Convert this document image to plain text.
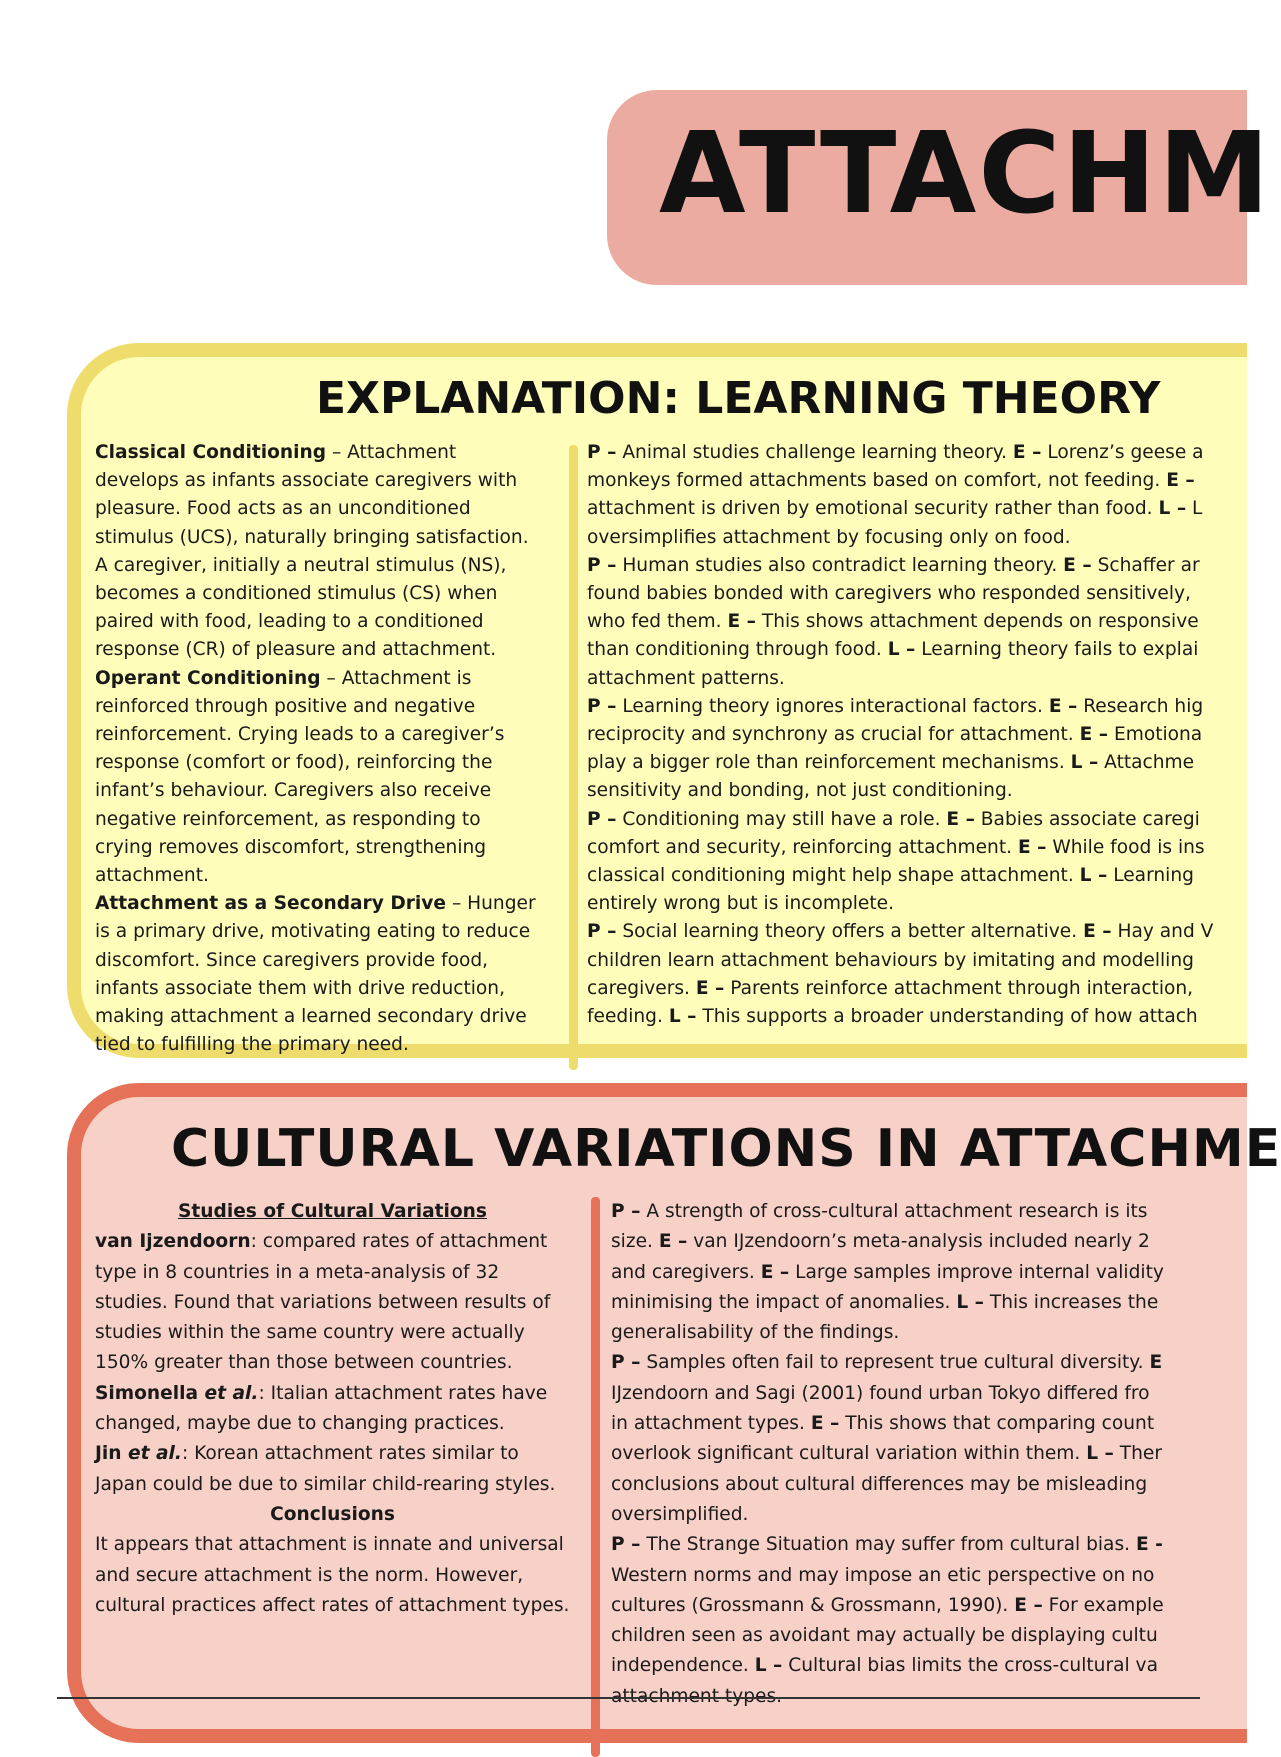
ATTACHM
EXPLANATION: LEARNING THEORY

Classical Conditioning – Attachment develops as infants associate caregivers with pleasure. Food acts as an unconditioned stimulus (UCS), naturally bringing satisfaction. A caregiver, initially a neutral stimulus (NS), becomes a conditioned stimulus (CS) when paired with food, leading to a conditioned response (CR) of pleasure and attachment.

Operant Conditioning – Attachment is reinforced through positive and negative reinforcement. Crying leads to a caregiver’s response (comfort or food), reinforcing the infant’s behaviour. Caregivers also receive negative reinforcement, as responding to crying removes discomfort, strengthening attachment.

Attachment as a Secondary Drive – Hunger is a primary drive, motivating eating to reduce discomfort. Since caregivers provide food, infants associate them with drive reduction, making attachment a learned secondary drive tied to fulfilling the primary need.

P – Animal studies challenge learning theory. E – Lorenz’s geese a

monkeys formed attachments based on comfort, not feeding. E –

attachment is driven by emotional security rather than food. L – L

oversimplifies attachment by focusing only on food.

P – Human studies also contradict learning theory. E – Schaffer ar

found babies bonded with caregivers who responded sensitively,

who fed them. E – This shows attachment depends on responsive

than conditioning through food. L – Learning theory fails to explai

attachment patterns.

P – Learning theory ignores interactional factors. E – Research hig

reciprocity and synchrony as crucial for attachment. E – Emotiona

play a bigger role than reinforcement mechanisms. L – Attachme

sensitivity and bonding, not just conditioning.

P – Conditioning may still have a role. E – Babies associate caregi

comfort and security, reinforcing attachment. E – While food is ins

classical conditioning might help shape attachment. L – Learning

entirely wrong but is incomplete.

P – Social learning theory offers a better alternative. E – Hay and V

children learn attachment behaviours by imitating and modelling

caregivers. E – Parents reinforce attachment through interaction,

feeding. L – This supports a broader understanding of how attach

CULTURAL VARIATIONS IN ATTACHME

Studies of Cultural Variations

van Ijzendoorn: compared rates of attachment type in 8 countries in a meta-analysis of 32 studies. Found that variations between results of studies within the same country were actually 150% greater than those between countries.

Simonella et al.: Italian attachment rates have changed, maybe due to changing practices.

Jin et al.: Korean attachment rates similar to Japan could be due to similar child-rearing styles.

Conclusions

It appears that attachment is innate and universal and secure attachment is the norm. However, cultural practices affect rates of attachment types.

P – A strength of cross-cultural attachment research is its

size. E – van IJzendoorn’s meta-analysis included nearly 2

and caregivers. E – Large samples improve internal validity

minimising the impact of anomalies. L – This increases the

generalisability of the findings.

P – Samples often fail to represent true cultural diversity. E

IJzendoorn and Sagi (2001) found urban Tokyo differed fro

in attachment types. E – This shows that comparing count

overlook significant cultural variation within them. L – Ther

conclusions about cultural differences may be misleading

oversimplified.

P – The Strange Situation may suffer from cultural bias. E -

Western norms and may impose an etic perspective on no

cultures (Grossmann & Grossmann, 1990). E – For example

children seen as avoidant may actually be displaying cultu

independence. L – Cultural bias limits the cross-cultural va
